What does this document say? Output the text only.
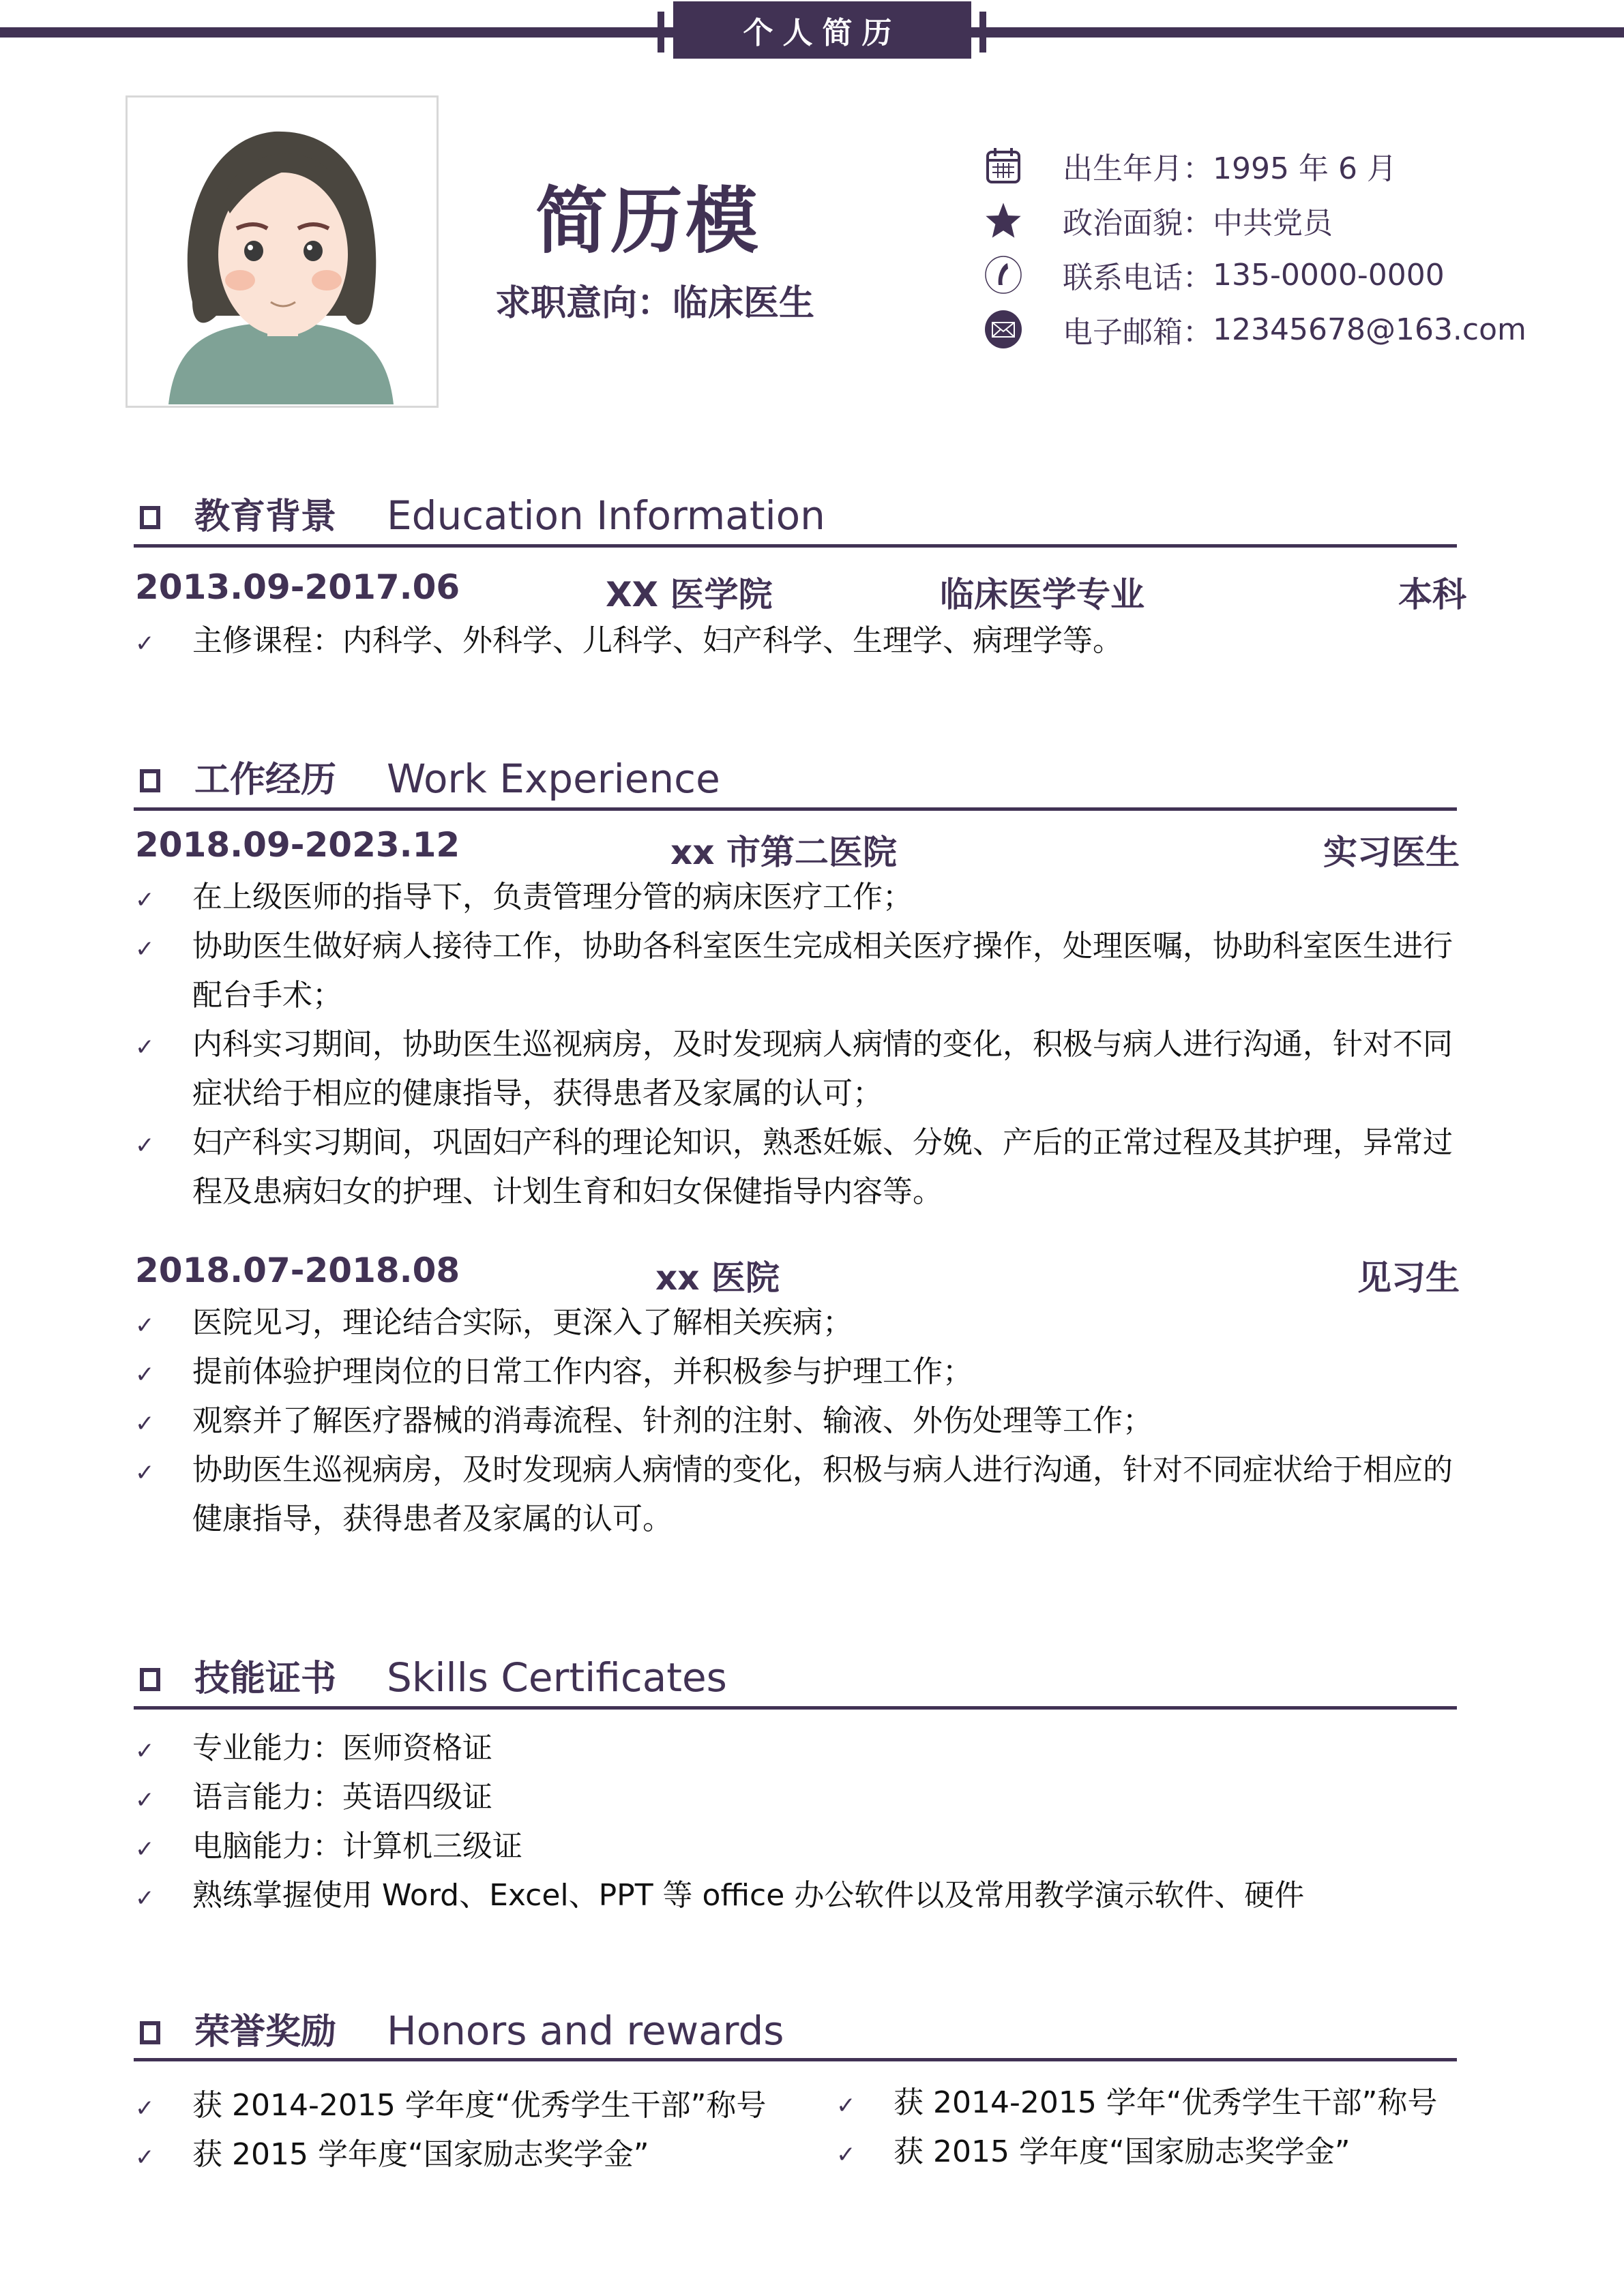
个人简历
简历模
求职意向：临床医生
出生年月： 1995 年 6 月
政治面貌： 中共党员
联系电话： 135-0000-0000
电子邮箱： 12345678@163.com
教育背景	Education Information
2013.09-2017.06	XX 医学院	临床医学专业	本科
✓	主修课程：内科学、外科学、儿科学、妇产科学、生理学、病理学等。
工作经历	Work Experience
2018.09-2023.12	xx 市第二医院	实习医生
✓	在上级医师的指导下，负责管理分管的病床医疗工作；
✓	协助医生做好病人接待工作，协助各科室医生完成相关医疗操作，处理医嘱，协助科室医生进行配台手术；
✓	内科实习期间，协助医生巡视病房，及时发现病人病情的变化，积极与病人进行沟通，针对不同症状给于相应的健康指导，获得患者及家属的认可；
✓	妇产科实习期间，巩固妇产科的理论知识，熟悉妊娠、分娩、产后的正常过程及其护理，异常过程及患病妇女的护理、计划生育和妇女保健指导内容等。
2018.07-2018.08	xx 医院	见习生
✓	医院见习，理论结合实际，更深入了解相关疾病；
✓	提前体验护理岗位的日常工作内容，并积极参与护理工作；
✓	观察并了解医疗器械的消毒流程、针剂的注射、输液、外伤处理等工作；
✓	协助医生巡视病房，及时发现病人病情的变化，积极与病人进行沟通，针对不同症状给于相应的健康指导，获得患者及家属的认可。
技能证书	Skills Certificates
✓	专业能力：医师资格证
✓	语言能力：英语四级证
✓	电脑能力：计算机三级证
✓	熟练掌握使用 Word、Excel、PPT 等 office 办公软件以及常用教学演示软件、硬件
荣誉奖励	Honors and rewards
✓	获 2014-2015 学年度“优秀学生干部”称号
✓	获 2015 学年度“国家励志奖学金”
✓	获 2014-2015 学年“优秀学生干部”称号
✓	获 2015 学年度“国家励志奖学金”
